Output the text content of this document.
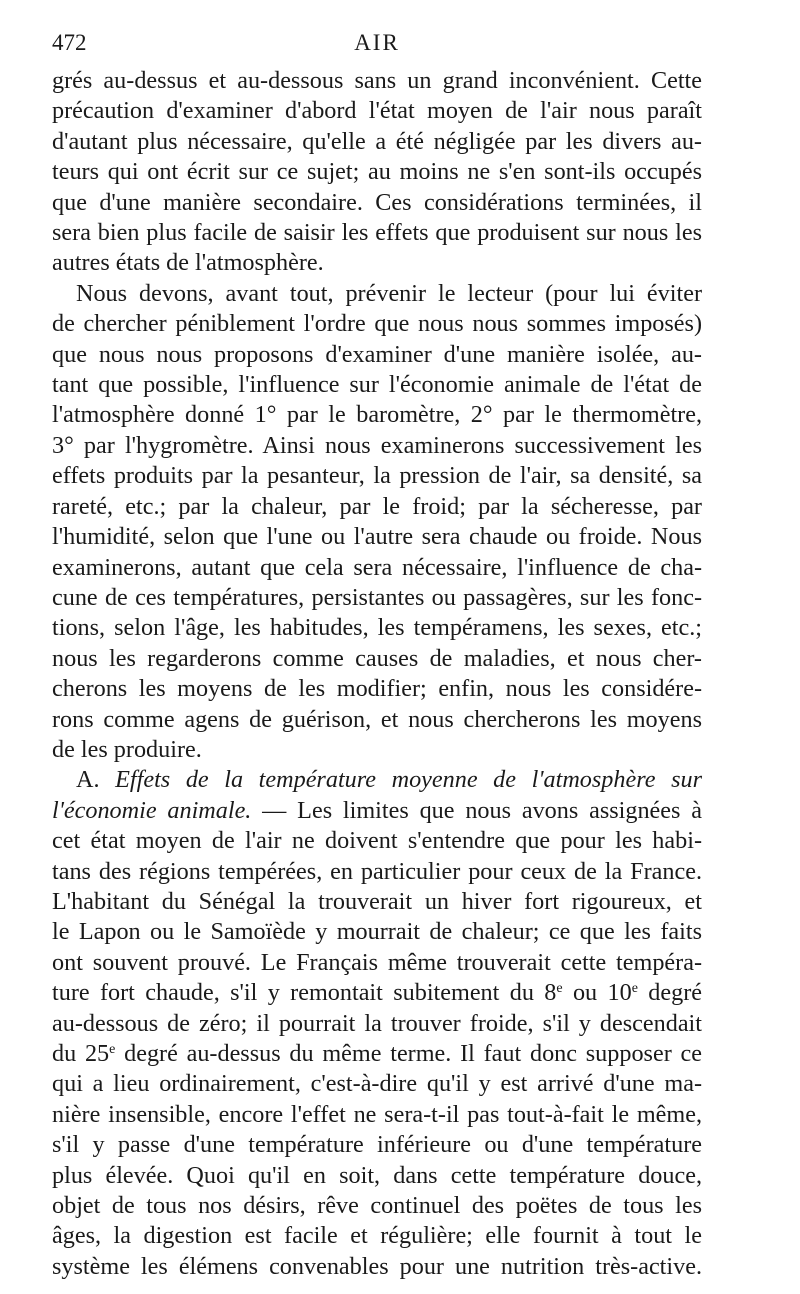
472	AIR
grés au-dessus et au-dessous sans un grand inconvénient. Cette
précaution d'examiner d'abord l'état moyen de l'air nous paraît
d'autant plus nécessaire, qu'elle a été négligée par les divers au-
teurs qui ont écrit sur ce sujet; au moins ne s'en sont-ils occupés
que d'une manière secondaire. Ces considérations terminées, il
sera bien plus facile de saisir les effets que produisent sur nous les
autres états de l'atmosphère.
Nous devons, avant tout, prévenir le lecteur (pour lui éviter
de chercher péniblement l'ordre que nous nous sommes imposés)
que nous nous proposons d'examiner d'une manière isolée, au-
tant que possible, l'influence sur l'économie animale de l'état de
l'atmosphère donné 1° par le baromètre, 2° par le thermomètre,
3° par l'hygromètre. Ainsi nous examinerons successivement les
effets produits par la pesanteur, la pression de l'air, sa densité, sa
rareté, etc.; par la chaleur, par le froid; par la sécheresse, par
l'humidité, selon que l'une ou l'autre sera chaude ou froide. Nous
examinerons, autant que cela sera nécessaire, l'influence de cha-
cune de ces températures, persistantes ou passagères, sur les fonc-
tions, selon l'âge, les habitudes, les tempéramens, les sexes, etc.;
nous les regarderons comme causes de maladies, et nous cher-
cherons les moyens de les modifier; enfin, nous les considére-
rons comme agens de guérison, et nous chercherons les moyens
de les produire.
A. Effets de la température moyenne de l'atmosphère sur
l'économie animale. — Les limites que nous avons assignées à
cet état moyen de l'air ne doivent s'entendre que pour les habi-
tans des régions tempérées, en particulier pour ceux de la France.
L'habitant du Sénégal la trouverait un hiver fort rigoureux, et
le Lapon ou le Samoïède y mourrait de chaleur; ce que les faits
ont souvent prouvé. Le Français même trouverait cette tempéra-
ture fort chaude, s'il y remontait subitement du 8e ou 10e degré
au-dessous de zéro; il pourrait la trouver froide, s'il y descendait
du 25e degré au-dessus du même terme. Il faut donc supposer ce
qui a lieu ordinairement, c'est-à-dire qu'il y est arrivé d'une ma-
nière insensible, encore l'effet ne sera-t-il pas tout-à-fait le même,
s'il y passe d'une température inférieure ou d'une température
plus élevée. Quoi qu'il en soit, dans cette température douce,
objet de tous nos désirs, rêve continuel des poëtes de tous les
âges, la digestion est facile et régulière; elle fournit à tout le
système les élémens convenables pour une nutrition très-active.
